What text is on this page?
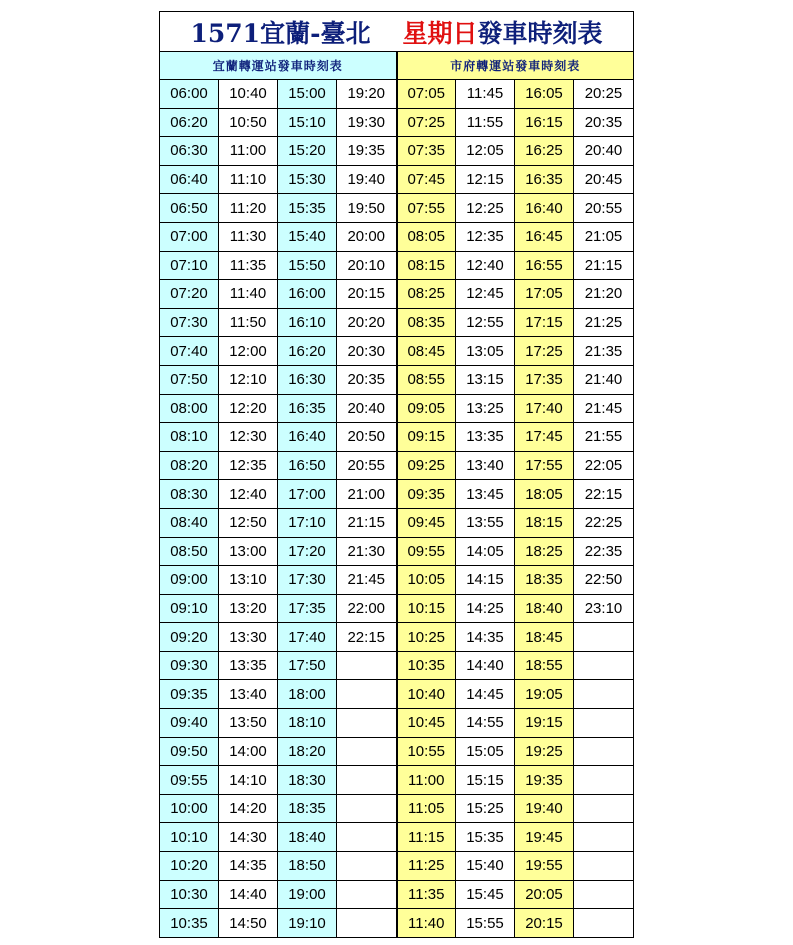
1571宜蘭-臺北 星期日發車時刻表							
宜蘭轉運站發車時刻表				市府轉運站發車時刻表			
06:00	10:40	15:00	19:20	07:05	11:45	16:05	20:25
06:20	10:50	15:10	19:30	07:25	11:55	16:15	20:35
06:30	11:00	15:20	19:35	07:35	12:05	16:25	20:40
06:40	11:10	15:30	19:40	07:45	12:15	16:35	20:45
06:50	11:20	15:35	19:50	07:55	12:25	16:40	20:55
07:00	11:30	15:40	20:00	08:05	12:35	16:45	21:05
07:10	11:35	15:50	20:10	08:15	12:40	16:55	21:15
07:20	11:40	16:00	20:15	08:25	12:45	17:05	21:20
07:30	11:50	16:10	20:20	08:35	12:55	17:15	21:25
07:40	12:00	16:20	20:30	08:45	13:05	17:25	21:35
07:50	12:10	16:30	20:35	08:55	13:15	17:35	21:40
08:00	12:20	16:35	20:40	09:05	13:25	17:40	21:45
08:10	12:30	16:40	20:50	09:15	13:35	17:45	21:55
08:20	12:35	16:50	20:55	09:25	13:40	17:55	22:05
08:30	12:40	17:00	21:00	09:35	13:45	18:05	22:15
08:40	12:50	17:10	21:15	09:45	13:55	18:15	22:25
08:50	13:00	17:20	21:30	09:55	14:05	18:25	22:35
09:00	13:10	17:30	21:45	10:05	14:15	18:35	22:50
09:10	13:20	17:35	22:00	10:15	14:25	18:40	23:10
09:20	13:30	17:40	22:15	10:25	14:35	18:45	
09:30	13:35	17:50		10:35	14:40	18:55	
09:35	13:40	18:00		10:40	14:45	19:05	
09:40	13:50	18:10		10:45	14:55	19:15	
09:50	14:00	18:20		10:55	15:05	19:25	
09:55	14:10	18:30		11:00	15:15	19:35	
10:00	14:20	18:35		11:05	15:25	19:40	
10:10	14:30	18:40		11:15	15:35	19:45	
10:20	14:35	18:50		11:25	15:40	19:55	
10:30	14:40	19:00		11:35	15:45	20:05	
10:35	14:50	19:10		11:40	15:55	20:15	
